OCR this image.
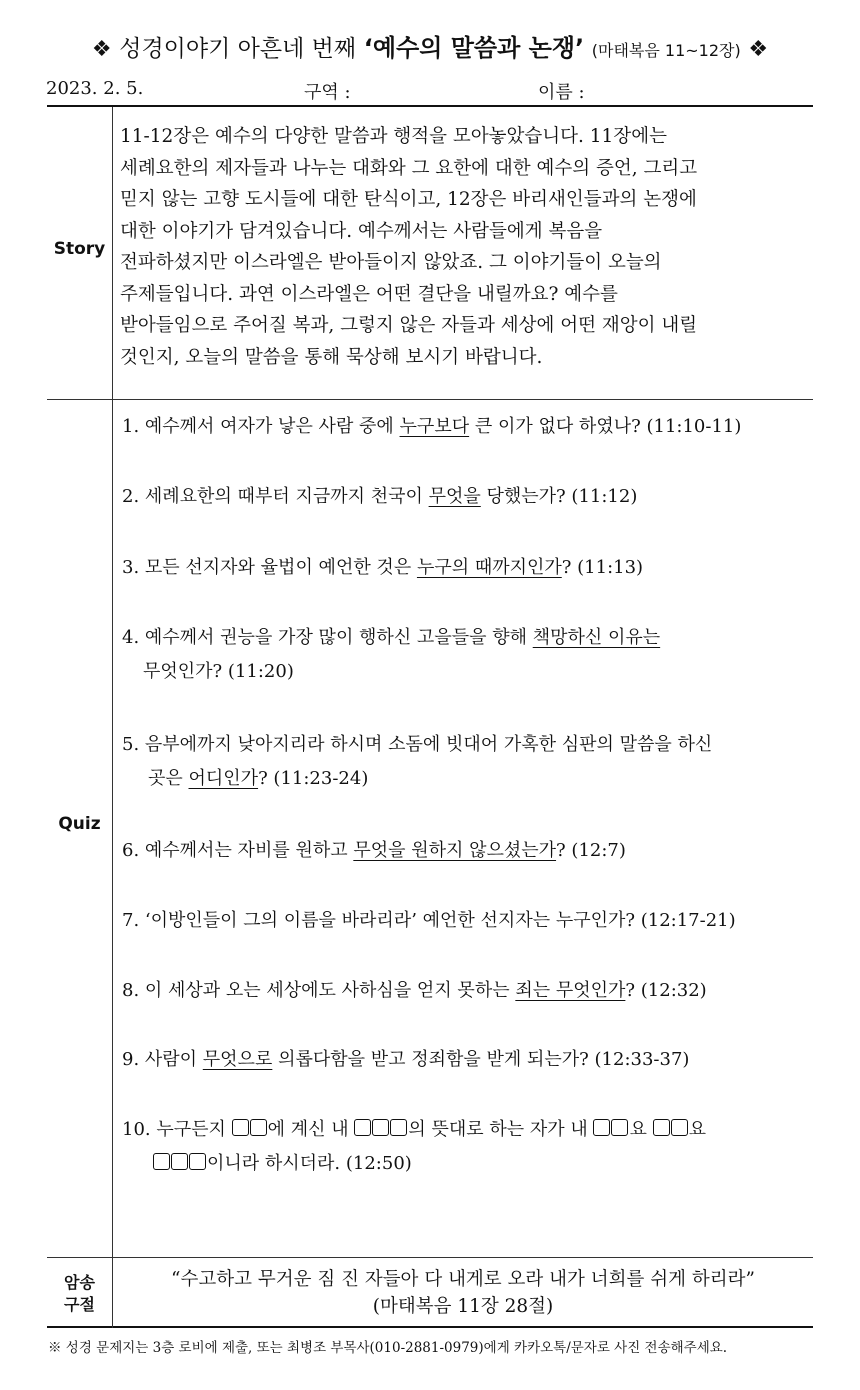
❖ 성경이야기 아흔네 번째 ‘예수의 말씀과 논쟁’ (마태복음 11~12장) ❖
2023. 2. 5.	구역 :	이름 :
Story
11-12장은 예수의 다양한 말씀과 행적을 모아놓았습니다. 11장에는
세례요한의 제자들과 나누는 대화와 그 요한에 대한 예수의 증언, 그리고
믿지 않는 고향 도시들에 대한 탄식이고, 12장은 바리새인들과의 논쟁에
대한 이야기가 담겨있습니다. 예수께서는 사람들에게 복음을
전파하셨지만 이스라엘은 받아들이지 않았죠. 그 이야기들이 오늘의
주제들입니다. 과연 이스라엘은 어떤 결단을 내릴까요? 예수를
받아들임으로 주어질 복과, 그렇지 않은 자들과 세상에 어떤 재앙이 내릴
것인지, 오늘의 말씀을 통해 묵상해 보시기 바랍니다.
Quiz
1. 예수께서 여자가 낳은 사람 중에 누구보다 큰 이가 없다 하였나? (11:10-11)
2. 세례요한의 때부터 지금까지 천국이 무엇을 당했는가? (11:12)
3. 모든 선지자와 율법이 예언한 것은 누구의 때까지인가? (11:13)
4. 예수께서 권능을 가장 많이 행하신 고을들을 향해 책망하신 이유는
무엇인가? (11:20)
5. 음부에까지 낮아지리라 하시며 소돔에 빗대어 가혹한 심판의 말씀을 하신
곳은 어디인가? (11:23-24)
6. 예수께서는 자비를 원하고 무엇을 원하지 않으셨는가? (12:7)
7. ‘이방인들이 그의 이름을 바라리라’ 예언한 선지자는 누구인가? (12:17-21)
8. 이 세상과 오는 세상에도 사하심을 얻지 못하는 죄는 무엇인가? (12:32)
9. 사람이 무엇으로 의롭다함을 받고 정죄함을 받게 되는가? (12:33-37)
10. 누구든지 에 계신 내	의 뜻대로 하는 자가 내 요 요
이니라 하시더라. (12:50)
암송
구절
“수고하고 무거운 짐 진 자들아 다 내게로 오라 내가 너희를 쉬게 하리라”
(마태복음 11장 28절)
※ 성경 문제지는 3층 로비에 제출, 또는 최병조 부목사(010-2881-0979)에게 카카오톡/문자로 사진 전송해주세요.
